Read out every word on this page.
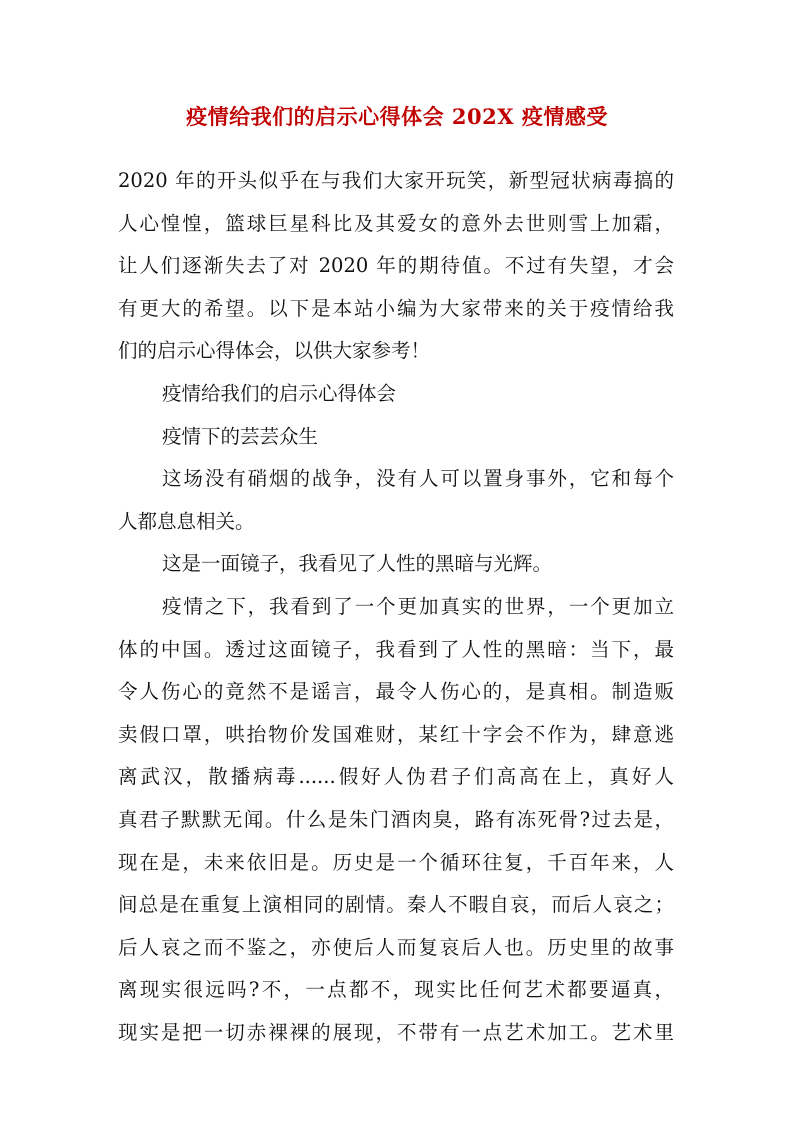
疫情给我们的启示心得体会 202X 疫情感受
2020 年的开头似乎在与我们大家开玩笑，新型冠状病毒搞的
人心惶惶，篮球巨星科比及其爱女的意外去世则雪上加霜，
让人们逐渐失去了对 2020 年的期待值。不过有失望，才会
有更大的希望。以下是本站小编为大家带来的关于疫情给我
们的启示心得体会，以供大家参考！
疫情给我们的启示心得体会
疫情下的芸芸众生
这场没有硝烟的战争，没有人可以置身事外，它和每个
人都息息相关。
这是一面镜子，我看见了人性的黑暗与光辉。
疫情之下，我看到了一个更加真实的世界，一个更加立
体的中国。透过这面镜子，我看到了人性的黑暗：当下，最
令人伤心的竟然不是谣言，最令人伤心的，是真相。制造贩
卖假口罩，哄抬物价发国难财，某红十字会不作为，肆意逃
离武汉，散播病毒......假好人伪君子们高高在上，真好人
真君子默默无闻。什么是朱门酒肉臭，路有冻死骨?过去是，
现在是，未来依旧是。历史是一个循环往复，千百年来，人
间总是在重复上演相同的剧情。秦人不暇自哀，而后人哀之；
后人哀之而不鉴之，亦使后人而复哀后人也。历史里的故事
离现实很远吗?不，一点都不，现实比任何艺术都要逼真，
现实是把一切赤裸裸的展现，不带有一点艺术加工。艺术里
